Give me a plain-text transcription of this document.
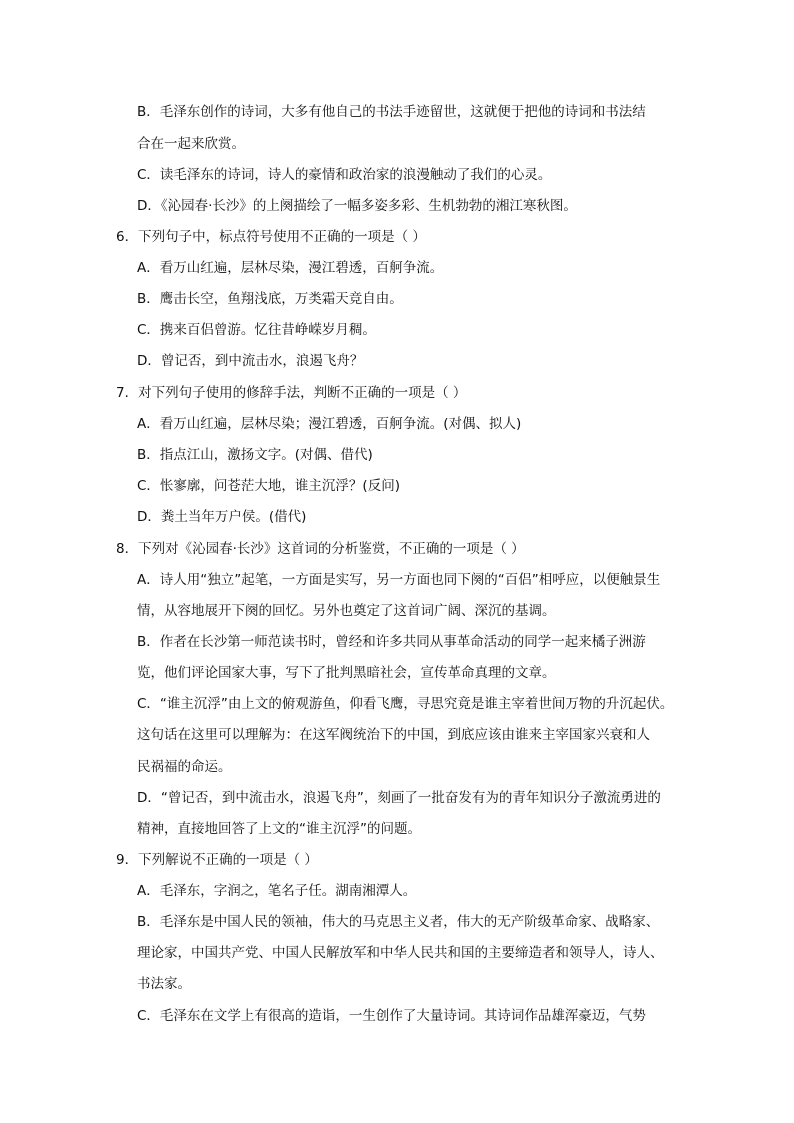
B．毛泽东创作的诗词，大多有他自己的书法手迹留世，这就便于把他的诗词和书法结
合在一起来欣赏。
C．读毛泽东的诗词，诗人的豪情和政治家的浪漫触动了我们的心灵。
D．《沁园春·长沙》的上阕描绘了一幅多姿多彩、生机勃勃的湘江寒秋图。
6．下列句子中，标点符号使用不正确的一项是（ ）
A．看万山红遍，层林尽染，漫江碧透，百舸争流。
B．鹰击长空，鱼翔浅底，万类霜天竞自由。
C．携来百侣曾游。忆往昔峥嵘岁月稠。
D．曾记否，到中流击水，浪遏飞舟？
7．对下列句子使用的修辞手法，判断不正确的一项是（ ）
A．看万山红遍，层林尽染；漫江碧透，百舸争流。(对偶、拟人)
B．指点江山，激扬文字。(对偶、借代)
C．怅寥廓，问苍茫大地，谁主沉浮？(反问)
D．粪土当年万户侯。(借代)
8．下列对《沁园春·长沙》这首词的分析鉴赏，不正确的一项是（ ）
A．诗人用“独立”起笔，一方面是实写，另一方面也同下阕的“百侣”相呼应，以便触景生
情，从容地展开下阕的回忆。另外也奠定了这首词广阔、深沉的基调。
B．作者在长沙第一师范读书时，曾经和许多共同从事革命活动的同学一起来橘子洲游
览，他们评论国家大事，写下了批判黑暗社会，宣传革命真理的文章。
C．“谁主沉浮”由上文的俯观游鱼，仰看飞鹰，寻思究竟是谁主宰着世间万物的升沉起伏。
这句话在这里可以理解为：在这军阀统治下的中国，到底应该由谁来主宰国家兴衰和人
民祸福的命运。
D．“曾记否，到中流击水，浪遏飞舟”，刻画了一批奋发有为的青年知识分子激流勇进的
精神，直接地回答了上文的“谁主沉浮”的问题。
9．下列解说不正确的一项是（ ）
A．毛泽东，字润之，笔名子任。湖南湘潭人。
B．毛泽东是中国人民的领袖，伟大的马克思主义者，伟大的无产阶级革命家、战略家、
理论家，中国共产党、中国人民解放军和中华人民共和国的主要缔造者和领导人，诗人、
书法家。
C．毛泽东在文学上有很高的造诣，一生创作了大量诗词。其诗词作品雄浑豪迈，气势
